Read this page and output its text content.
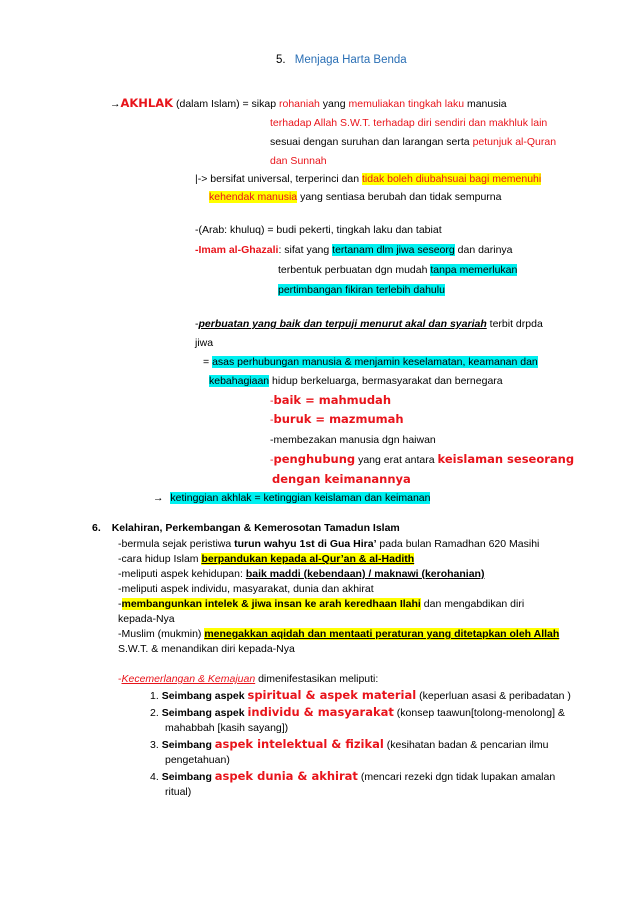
5. Menjaga Harta Benda
→AKHLAK (dalam Islam) = sikap rohaniah yang memuliakan tingkah laku manusia
terhadap Allah S.W.T. terhadap diri sendiri dan makhluk lain
sesuai dengan suruhan dan larangan serta petunjuk al-Quran
dan Sunnah
|-> bersifat universal, terperinci dan tidak boleh diubahsuai bagi memenuhi
kehendak manusia yang sentiasa berubah dan tidak sempurna
-(Arab: khuluq) = budi pekerti, tingkah laku dan tabiat
-Imam al-Ghazali: sifat yang tertanam dlm jiwa seseorg dan darinya
terbentuk perbuatan dgn mudah tanpa memerlukan
pertimbangan fikiran terlebih dahulu
-perbuatan yang baik dan terpuji menurut akal dan syariah terbit drpda
jiwa
= asas perhubungan manusia & menjamin keselamatan, keamanan dan
kebahagiaan hidup berkeluarga, bermasyarakat dan bernegara
-baik = mahmudah
-buruk = mazmumah
-membezakan manusia dgn haiwan
-penghubung yang erat antara keislaman seseorang
dengan keimanannya
→ ketinggian akhlak = ketinggian keislaman dan keimanan
6. Kelahiran, Perkembangan & Kemerosotan Tamadun Islam
-bermula sejak peristiwa turun wahyu 1st di Gua Hira’ pada bulan Ramadhan 620 Masihi
-cara hidup Islam berpandukan kepada al-Qur’an & al-Hadith
-meliputi aspek kehidupan: baik maddi (kebendaan) / maknawi (kerohanian)
-meliputi aspek individu, masyarakat, dunia dan akhirat
-membangunkan intelek & jiwa insan ke arah keredhaan Ilahi dan mengabdikan diri
kepada-Nya
-Muslim (mukmin) menegakkan aqidah dan mentaati peraturan yang ditetapkan oleh Allah
S.W.T. & menandikan diri kepada-Nya
-Kecemerlangan & Kemajuan dimenifestasikan meliputi:
1. Seimbang aspek spiritual & aspek material (keperluan asasi & peribadatan )
2. Seimbang aspek individu & masyarakat (konsep taawun[tolong-menolong] &
mahabbah [kasih sayang])
3. Seimbang aspek intelektual & fizikal (kesihatan badan & pencarian ilmu
pengetahuan)
4. Seimbang aspek dunia & akhirat (mencari rezeki dgn tidak lupakan amalan
ritual)
